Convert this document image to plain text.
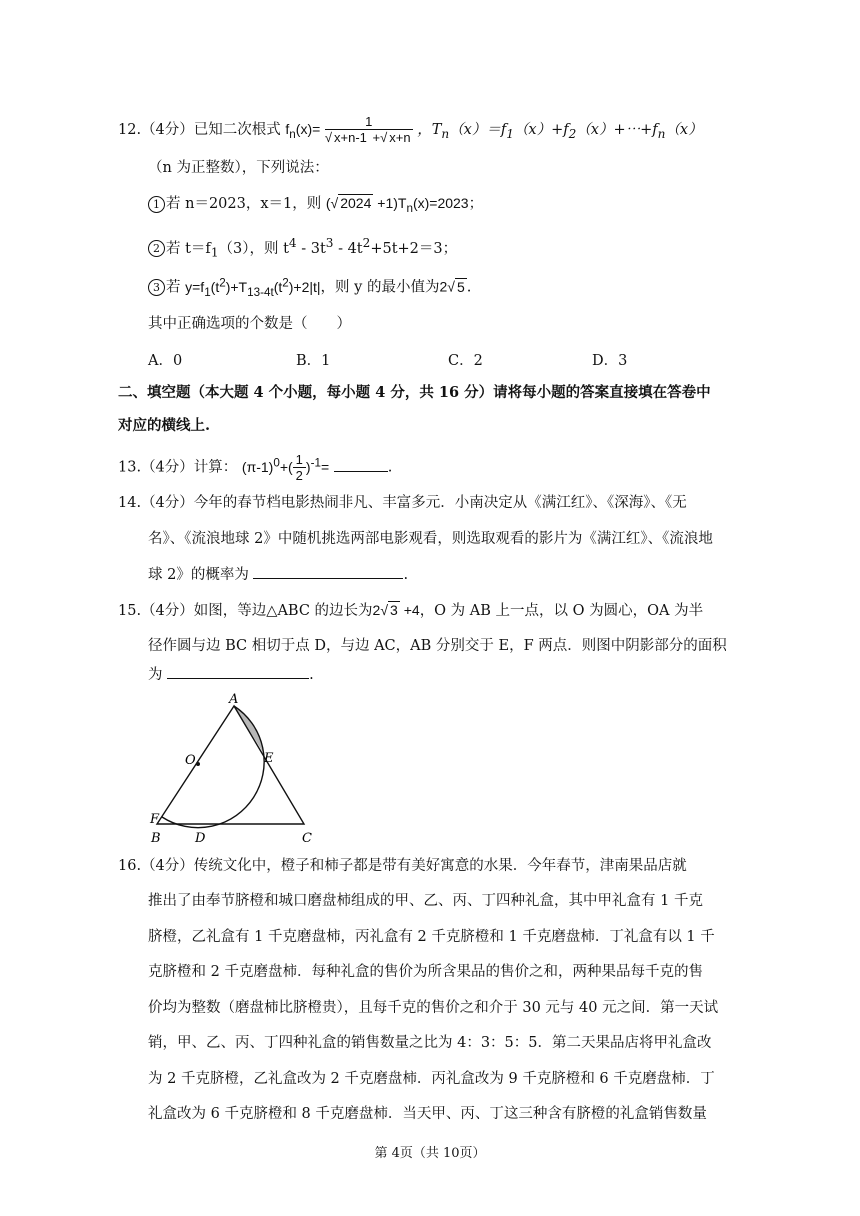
12.（4分）已知二次根式 $f_n(x)= \frac{1}{√ x+n-1 +√ x+n}$ ，$T_n(x)=f_1(x)+f_2(x)+\cdots+f_n(x)$
（n 为正整数），下列说法：
1 若 n＝2023，x＝1，则 (√ $2024 +1)T_n(x)=2023$；
2 若 $t=f_1(3)$，则 $t^4 - 3t^3 - 4t^2+5t+2=3$；
3 若 $y=f_1(t^2)+T_{13-4t}(t^2)+2|t|$，则 y 的最小值为2√ 5 .
其中正确选项的个数是（　　）
A．0	B．1	C．2	D．3
二、填空题（本大题 4 个小题，每小题 4 分，共 16 分）请将每小题的答案直接填在答卷中
对应的横线上.
13.（4分）计算： $(\pi-1)^0+( \frac{1}{2} )^{-1}=$	.
14.（4分）今年的春节档电影热闹非凡、丰富多元．小南决定从《满江红》、《深海》、《无
名》、《流浪地球 2》中随机挑选两部电影观看，则选取观看的影片为《满江红》、《流浪地
球 2》的概率为	.
15.（4分）如图，等边△ABC 的边长为2√ 3 +4，O 为 AB 上一点，以 O 为圆心，OA 为半
径作圆与边 BC 相切于点 D，与边 AC，AB 分别交于 E，F 两点．则图中阴影部分的面积
为	.
A
O	E
F
B	D	C
16.（4分）传统文化中，橙子和柿子都是带有美好寓意的水果．今年春节，津南果品店就
推出了由奉节脐橙和城口磨盘柿组成的甲、乙、丙、丁四种礼盒，其中甲礼盒有 1 千克
脐橙，乙礼盒有 1 千克磨盘柿，丙礼盒有 2 千克脐橙和 1 千克磨盘柿．丁礼盒有以 1 千
克脐橙和 2 千克磨盘柿．每种礼盒的售价为所含果品的售价之和，两种果品每千克的售
价均为整数（磨盘柿比脐橙贵），且每千克的售价之和介于 30 元与 40 元之间．第一天试
销，甲、乙、丙、丁四种礼盒的销售数量之比为 4：3：5：5．第二天果品店将甲礼盒改
为 2 千克脐橙，乙礼盒改为 2 千克磨盘柿．丙礼盒改为 9 千克脐橙和 6 千克磨盘柿．丁
礼盒改为 6 千克脐橙和 8 千克磨盘柿．当天甲、丙、丁这三种含有脐橙的礼盒销售数量
第 4页（共 10页）
